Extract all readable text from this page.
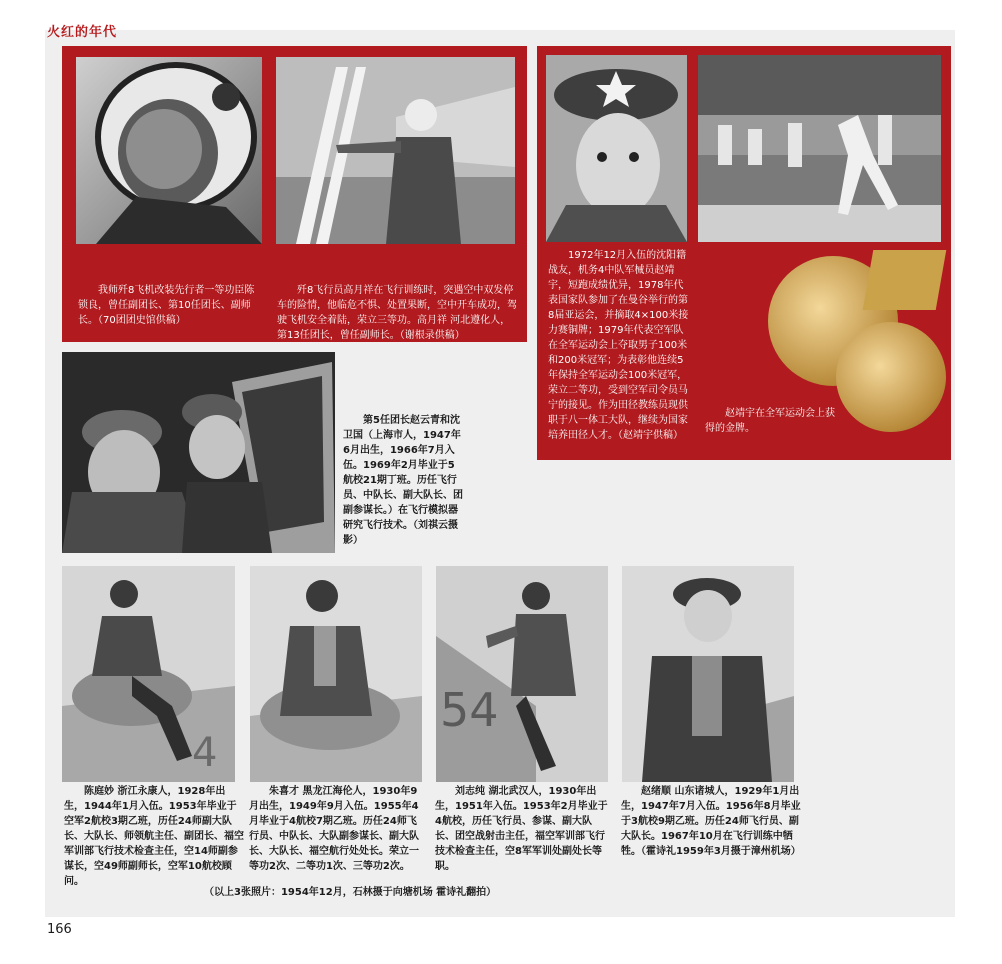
火红的年代
我师歼8飞机改装先行者一等功臣陈锁良，曾任副团长、第10任团长、副师长。（70团团史馆供稿）
歼8飞行员高月祥在飞行训练时，突遇空中双发停车的险情，他临危不惧、处置果断，空中开车成功，驾驶飞机安全着陆，荣立三等功。高月祥 河北遵化人，第13任团长，曾任副师长。（谢根录供稿）
1972年12月入伍的沈阳籍战友，机务4中队军械员赵靖宇，短跑成绩优异，1978年代表国家队参加了在曼谷举行的第8届亚运会，并摘取4×100米接力赛铜牌；1979年代表空军队在全军运动会上夺取男子100米和200米冠军；为表彰他连续5年保持全军运动会100米冠军，荣立二等功，受到空军司令员马宁的接见。作为田径教练员现供职于八一体工大队，继续为国家培养田径人才。（赵靖宇供稿）
赵靖宇在全军运动会上获得的金牌。
第5任团长赵云青和沈卫国（上海市人，1947年6月出生，1966年7月入伍。1969年2月毕业于5航校21期丁班。历任飞行员、中队长、副大队长、团副参谋长。）在飞行模拟器研究飞行技术。（刘祺云摄影）
4
54
陈庭妙 浙江永康人，1928年出生，1944年1月入伍。1953年毕业于空军2航校3期乙班，历任24师副大队长、大队长、师领航主任、副团长、福空军训部飞行技术检查主任，空14师副参谋长，空49师副师长，空军10航校顾问。
朱喜才 黑龙江海伦人，1930年9月出生，1949年9月入伍。1955年4月毕业于4航校7期乙班。历任24师飞行员、中队长、大队副参谋长、副大队长、大队长、福空航行处处长。荣立一等功2次、二等功1次、三等功2次。
刘志纯 湖北武汉人，1930年出生，1951年入伍。1953年2月毕业于4航校，历任飞行员、参谋、副大队长、团空战射击主任，福空军训部飞行技术检查主任，空8军军训处副处长等职。
赵绪顺 山东诸城人，1929年1月出生，1947年7月入伍。1956年8月毕业于3航校9期乙班。历任24师飞行员、副大队长。1967年10月在飞行训练中牺牲。（霍诗礼1959年3月摄于漳州机场）
（以上3张照片：1954年12月，石林摄于向塘机场 霍诗礼翻拍）
166
